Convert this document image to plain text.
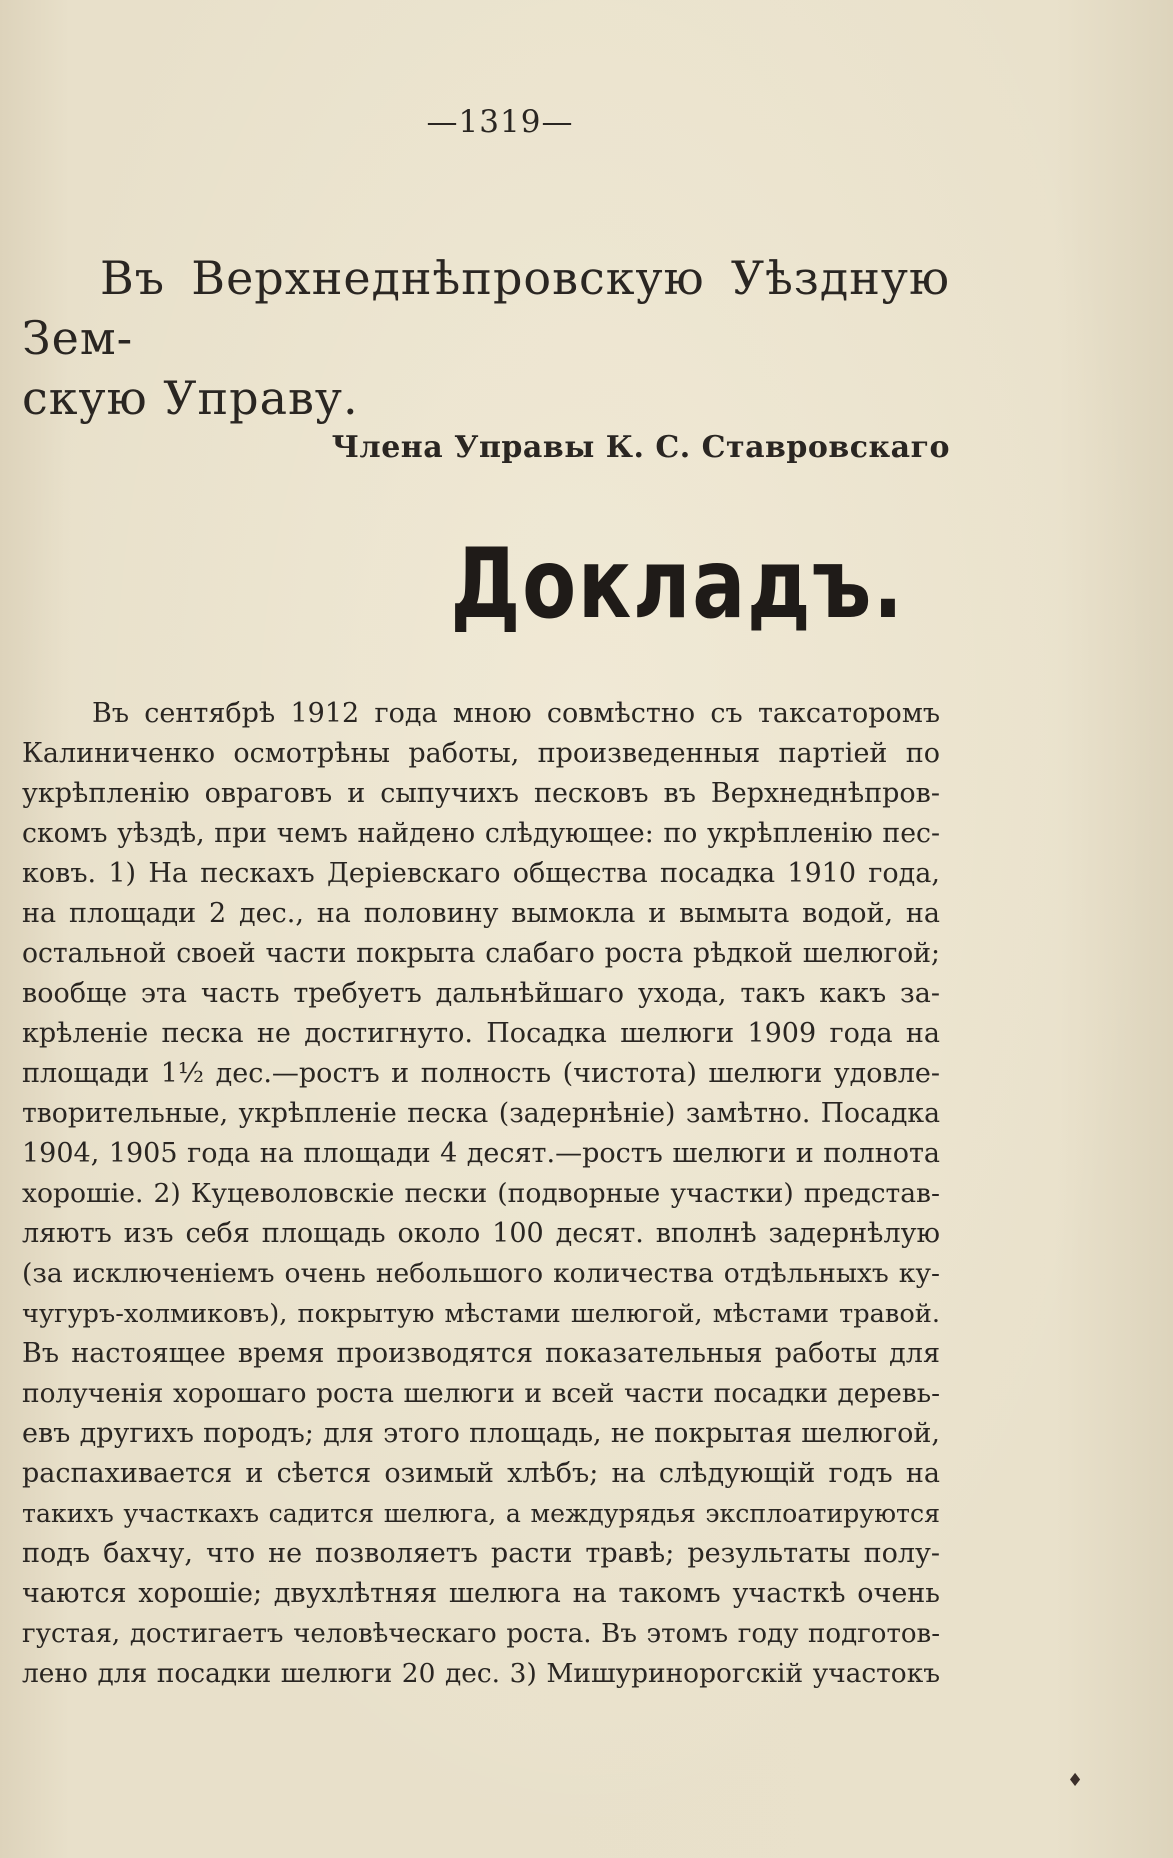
—1319—
Въ Верхнеднѣпровскую Уѣздную Зем-
скую Управу.
Члена Управы К. С. Ставровскаго
Докладъ.
Въ сентябрѣ 1912 года мною совмѣстно съ таксаторомъ
Калиниченко осмотрѣны работы, произведенныя партіей по
укрѣпленію овраговъ и сыпучихъ песковъ въ Верхнеднѣпров-
скомъ уѣздѣ, при чемъ найдено слѣдующее: по укрѣпленію пес-
ковъ. 1) На пескахъ Деріевскаго общества посадка 1910 года,
на площади 2 дес., на половину вымокла и вымыта водой, на
остальной своей части покрыта слабаго роста рѣдкой шелюгой;
вообще эта часть требуетъ дальнѣйшаго ухода, такъ какъ за-
крѣленіе песка не достигнуто. Посадка шелюги 1909 года на
площади 1½ дес.—ростъ и полность (чистота) шелюги удовле-
творительные, укрѣпленіе песка (задернѣніе) замѣтно. Посадка
1904, 1905 года на площади 4 десят.—ростъ шелюги и полнота
хорошіе. 2) Куцеволовскіе пески (подворные участки) представ-
ляютъ изъ себя площадь около 100 десят. вполнѣ задернѣлую
(за исключеніемъ очень небольшого количества отдѣльныхъ ку-
чугуръ-холмиковъ), покрытую мѣстами шелюгой, мѣстами травой.
Въ настоящее время производятся показательныя работы для
полученія хорошаго роста шелюги и всей части посадки деревь-
евъ другихъ породъ; для этого площадь, не покрытая шелюгой,
распахивается и сѣется озимый хлѣбъ; на слѣдующій годъ на
такихъ участкахъ садится шелюга, а междурядья эксплоатируются
подъ бахчу, что не позволяетъ расти травѣ; результаты полу-
чаются хорошіе; двухлѣтняя шелюга на такомъ участкѣ очень
густая, достигаетъ человѣческаго роста. Въ этомъ году подготов-
лено для посадки шелюги 20 дес. 3) Мишуринорогскій участокъ
♦
